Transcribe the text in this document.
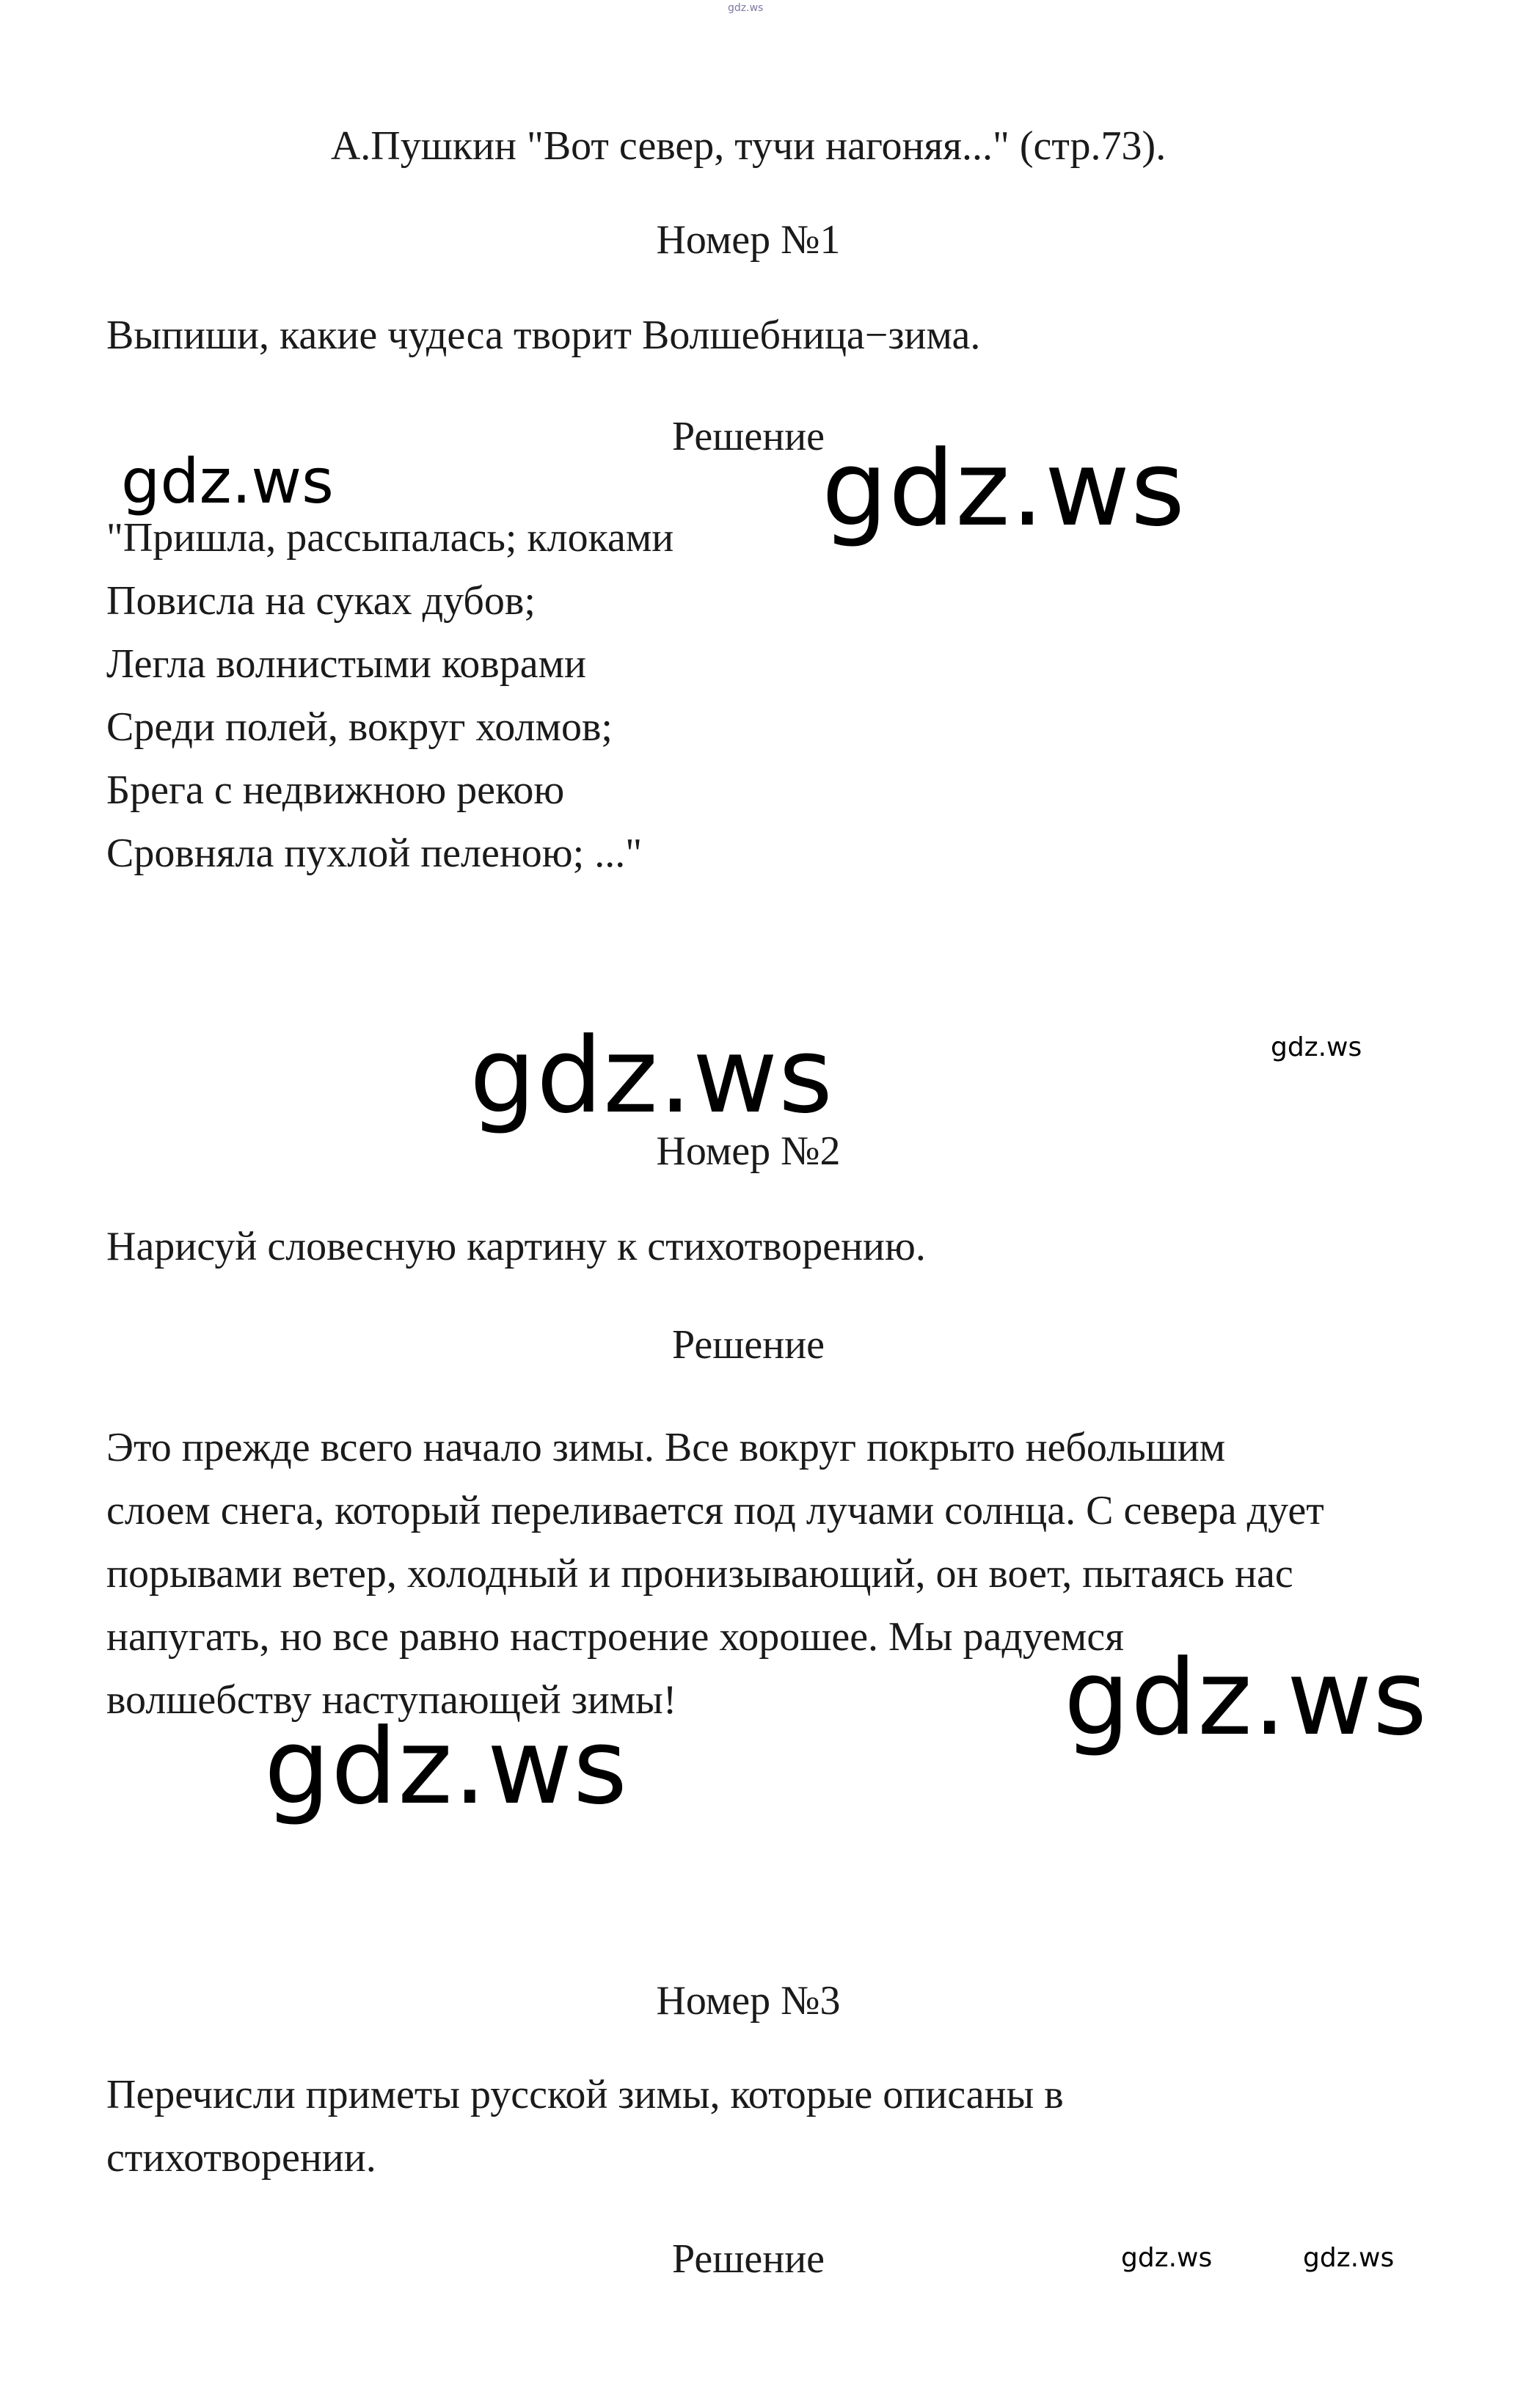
gdz.ws
А.Пушкин "Вот север, тучи нагоняя..." (стр.73).
Номер №1
Выпиши, какие чудеса творит Волшебница−зима.
Решение
"Пришла, рассыпалась; клоками
Повисла на суках дубов;
Легла волнистыми коврами
Среди полей, вокруг холмов;
Брега с недвижною рекою
Сровняла пухлой пеленою; ..."
Номер №2
Нарисуй словесную картину к стихотворению.
Решение
Это прежде всего начало зимы. Все вокруг покрыто небольшим
слоем снега, который переливается под лучами солнца. С севера дует
порывами ветер, холодный и пронизывающий, он воет, пытаясь нас
напугать, но все равно настроение хорошее. Мы радуемся
волшебству наступающей зимы!
Номер №3
Перечисли приметы русской зимы, которые описаны в
стихотворении.
Решение
gdz.ws	gdz.ws
gdz.ws	gdz.ws
gdz.ws
gdz.ws
gdz.ws	gdz.ws
